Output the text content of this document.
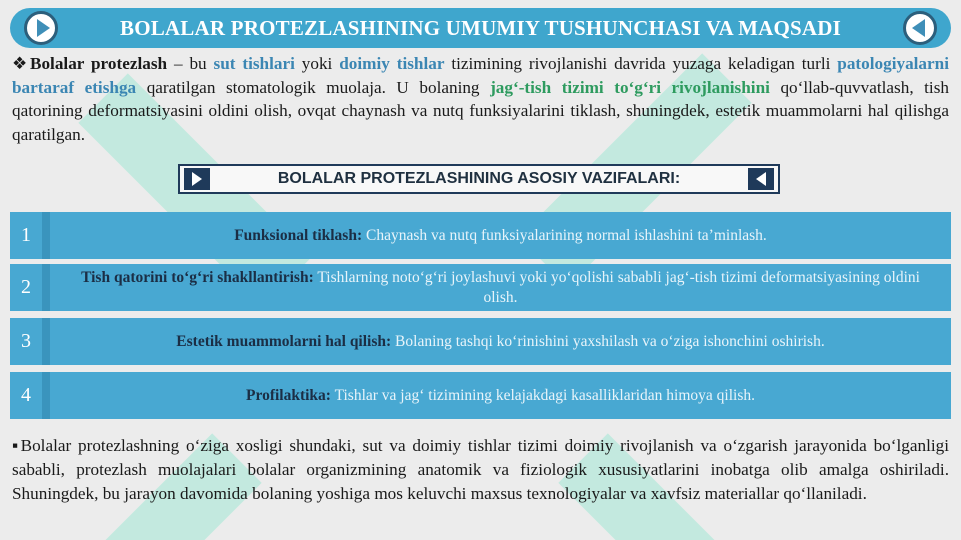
BOLALAR PROTEZLASHINING UMUMIY TUSHUNCHASI VA MAQSADI

❖Bolalar protezlash – bu sut tishlari yoki doimiy tishlar tizimining rivojlanishi davrida yuzaga keladigan turli patologiyalarni bartaraf etishga qaratilgan stomatologik muolaja. U bolaning jag‘-tish tizimi to‘g‘ri rivojlanishini qo‘llab-quvvatlash, tish qatorining deformatsiyasini oldini olish, ovqat chaynash va nutq funksiyalarini tiklash, shuningdek, estetik muammolarni hal qilishga qaratilgan.

BOLALAR PROTEZLASHINING ASOSIY VAZIFALARI:
1	Funksional tiklash: Chaynash va nutq funksiyalarining normal ishlashini ta’minlash.
2	Tish qatorini to‘g‘ri shakllantirish: Tishlarning noto‘g‘ri joylashuvi yoki yo‘qolishi sababli jag‘-tish tizimi deformatsiyasining oldini olish.
3	Estetik muammolarni hal qilish: Bolaning tashqi ko‘rinishini yaxshilash va o‘ziga ishonchini oshirish.
4	Profilaktika: Tishlar va jag‘ tizimining kelajakdagi kasalliklaridan himoya qilish.

▪Bolalar protezlashning o‘ziga xosligi shundaki, sut va doimiy tishlar tizimi doimiy rivojlanish va o‘zgarish jarayonida bo‘lganligi sababli, protezlash muolajalari bolalar organizmining anatomik va fiziologik xususiyatlarini inobatga olib amalga oshiriladi. Shuningdek, bu jarayon davomida bolaning yoshiga mos keluvchi maxsus texnologiyalar va xavfsiz materiallar qo‘llaniladi.
